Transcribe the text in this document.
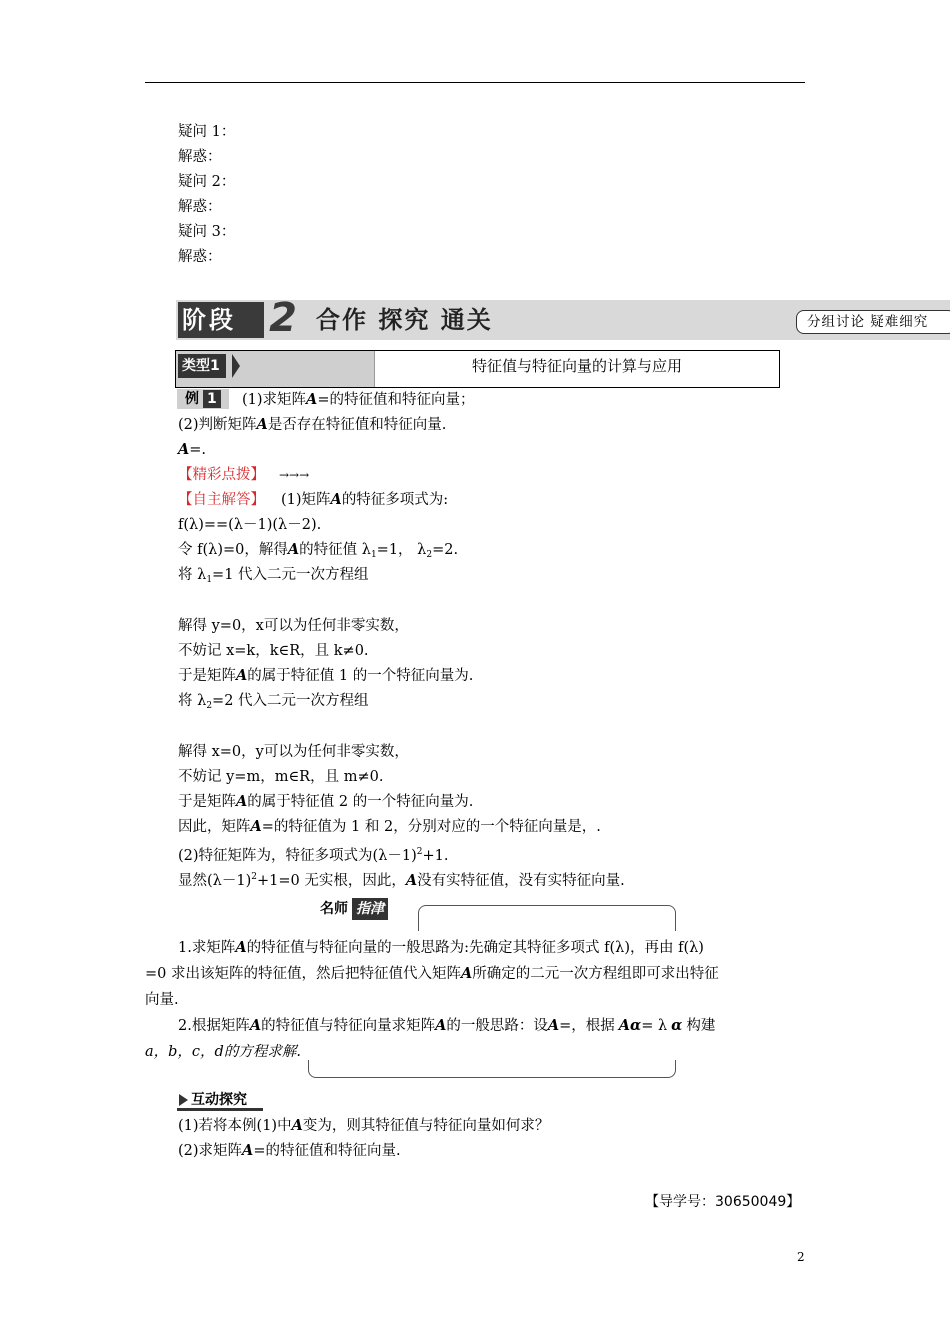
疑问 1：
解惑：
疑问 2：
解惑：
疑问 3：
解惑：
阶段 2 合作 探究 通关	分组讨论 疑难细究
类型1	特征值与特征向量的计算与应用
例 1	(1)求矩阵A=的特征值和特征向量；
(2)判断矩阵A是否存在特征值和特征向量.
A=.
【精彩点拨】 →→→
【自主解答】 (1)矩阵A的特征多项式为:
f(λ)==(λ－1)(λ－2).
令 f(λ)=0，解得A的特征值 $\lambda_1=1$， $\lambda_2=2$.
将 $\lambda_1=1$ 代入二元一次方程组
解得 y=0，x可以为任何非零实数，
不妨记 x=k，k∈R，且 k≠0.
于是矩阵A的属于特征值 1 的一个特征向量为.
将 $\lambda_2=2$ 代入二元一次方程组
解得 x=0，y可以为任何非零实数，
不妨记 y=m，m∈R，且 m≠0.
于是矩阵A的属于特征值 2 的一个特征向量为.
因此，矩阵A=的特征值为 1 和 2，分别对应的一个特征向量是，.
(2)特征矩阵为，特征多项式为$(\lambda-1)^2+1$.
显然$(\lambda-1)^2+1=0$ 无实根，因此，A没有实特征值，没有实特征向量.
名师 指津
1.求矩阵A的特征值与特征向量的一般思路为:先确定其特征多项式 f(λ)，再由 f(λ)
=0 求出该矩阵的特征值，然后把特征值代入矩阵A所确定的二元一次方程组即可求出特征
向量.
2.根据矩阵A的特征值与特征向量求矩阵A的一般思路：设A=，根据 Aα= λ α 构建
a，b，c，d的方程求解.
互动探究
(1)若将本例(1)中A变为，则其特征值与特征向量如何求？
(2)求矩阵A=的特征值和特征向量.
【导学号：30650049】
2
